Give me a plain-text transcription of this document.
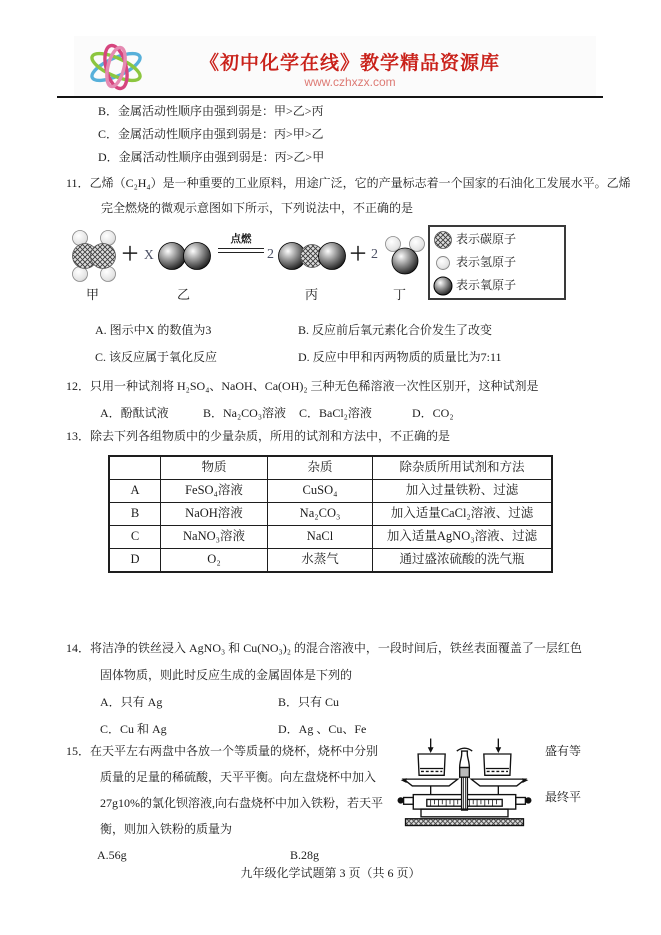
《初中化学在线》教学精品资源库
www.czhxzx.com
B．金属活动性顺序由强到弱是：甲>乙>丙
C．金属活动性顺序由强到弱是：丙>甲>乙
D．金属活动性顺序由强到弱是：丙>乙>甲
11．乙烯（C₂H₄）是一种重要的工业原料，用途广泛，它的产量标志着一个国家的石油化工发展水平。乙烯
完全燃烧的微观示意图如下所示，下列说法中，不正确的是
甲
＋ X
乙
点燃
2
丙
＋ 2
丁
表示碳原子
表示氢原子
表示氧原子
A. 图示中X 的数值为3	B. 反应前后氧元素化合价发生了改变
C. 该反应属于氧化反应	D. 反应中甲和丙两物质的质量比为7:11
12．只用一种试剂将 H₂SO₄、NaOH、Ca(OH)₂ 三种无色稀溶液一次性区别开，这种试剂是
A．酚酞试液	B．Na₂CO₃溶液 C．BaCl₂溶液	D．CO₂
13．除去下列各组物质中的少量杂质，所用的试剂和方法中，不正确的是
	物质	杂质	除杂质所用试剂和方法
A	FeSO₄溶液	CuSO₄	加入过量铁粉、过滤
B	NaOH溶液	Na₂CO₃	加入适量CaCl₂溶液、过滤
C	NaNO₃溶液	NaCl	加入适量AgNO₃溶液、过滤
D	O₂	水蒸气	通过盛浓硫酸的洗气瓶
14．将洁净的铁丝浸入 AgNO₃ 和 Cu(NO₃)₂ 的混合溶液中，一段时间后，铁丝表面覆盖了一层红色
固体物质，则此时反应生成的金属固体是下列的
A．只有 Ag	B．只有 Cu
C．Cu 和 Ag	D．Ag 、Cu、Fe
15．在天平左右两盘中各放一个等质量的烧杯，烧杯中分别	盛有等
质量的足量的稀硫酸，天平平衡。向左盘烧杯中加入
27g10%的氯化钡溶液,向右盘烧杯中加入铁粉，若天平	最终平
衡，则加入铁粉的质量为
A.56g	B.28g
九年级化学试题第 3 页（共 6 页）
